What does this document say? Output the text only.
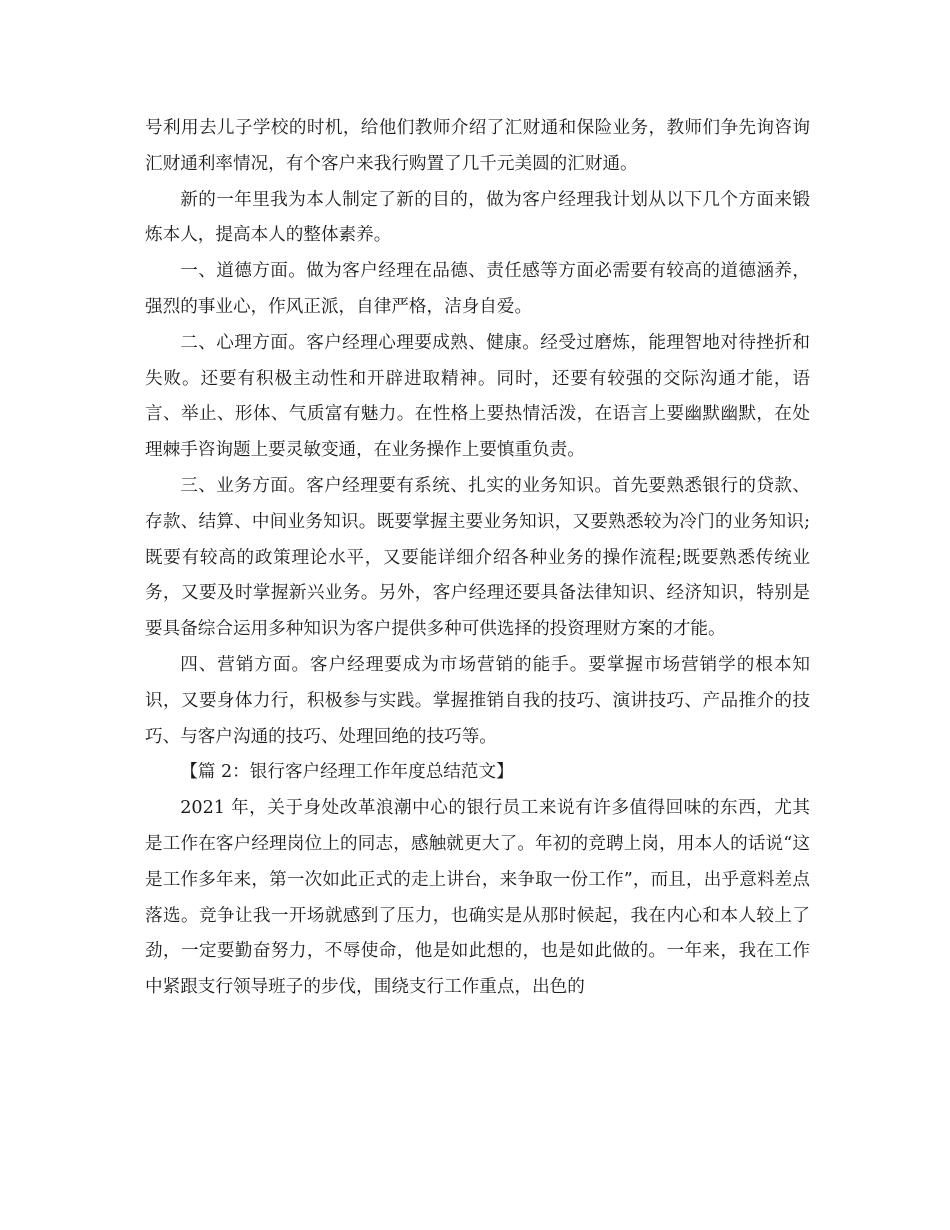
号利用去儿子学校的时机，给他们教师介绍了汇财通和保险业务，教师们争先询咨询汇财通利率情况，有个客户来我行购置了几千元美圆的汇财通。

新的一年里我为本人制定了新的目的，做为客户经理我计划从以下几个方面来锻炼本人，提高本人的整体素养。

一、道德方面。做为客户经理在品德、责任感等方面必需要有较高的道德涵养，强烈的事业心，作风正派，自律严格，洁身自爱。

二、心理方面。客户经理心理要成熟、健康。经受过磨炼，能理智地对待挫折和失败。还要有积极主动性和开辟进取精神。同时，还要有较强的交际沟通才能，语言、举止、形体、气质富有魅力。在性格上要热情活泼，在语言上要幽默幽默，在处理棘手咨询题上要灵敏变通，在业务操作上要慎重负责。

三、业务方面。客户经理要有系统、扎实的业务知识。首先要熟悉银行的贷款、存款、结算、中间业务知识。既要掌握主要业务知识，又要熟悉较为冷门的业务知识;既要有较高的政策理论水平，又要能详细介绍各种业务的操作流程;既要熟悉传统业务，又要及时掌握新兴业务。另外，客户经理还要具备法律知识、经济知识，特别是要具备综合运用多种知识为客户提供多种可供选择的投资理财方案的才能。

四、营销方面。客户经理要成为市场营销的能手。要掌握市场营销学的根本知识，又要身体力行，积极参与实践。掌握推销自我的技巧、演讲技巧、产品推介的技巧、与客户沟通的技巧、处理回绝的技巧等。

【篇 2：银行客户经理工作年度总结范文】

2021 年，关于身处改革浪潮中心的银行员工来说有许多值得回味的东西，尤其是工作在客户经理岗位上的同志，感触就更大了。年初的竞聘上岗，用本人的话说“这是工作多年来，第一次如此正式的走上讲台，来争取一份工作”，而且，出乎意料差点落选。竞争让我一开场就感到了压力，也确实是从那时候起，我在内心和本人较上了劲，一定要勤奋努力，不辱使命，他是如此想的，也是如此做的。一年来，我在工作中紧跟支行领导班子的步伐，围绕支行工作重点，出色的
